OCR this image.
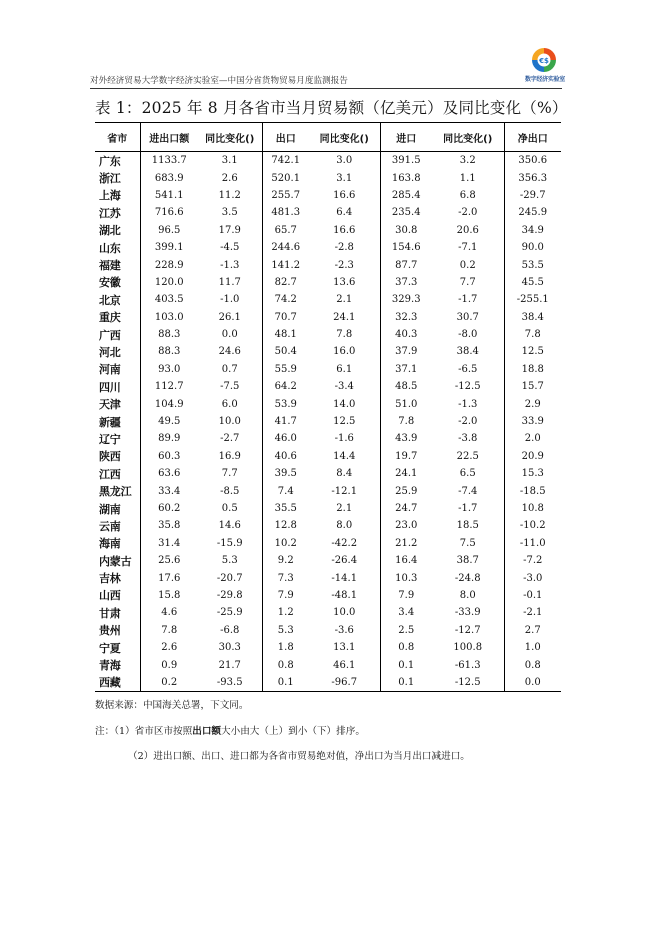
对外经济贸易大学数字经济实验室—中国分省货物贸易月度监测报告
€$
数字经济实验室
表 1：2025 年 8 月各省市当月贸易额（亿美元）及同比变化（%）
省市	进出口额	同比变化()	出口	同比变化()	进口	同比变化()	净出口
广东	1133.7	3.1	742.1	3.0	391.5	3.2	350.6
浙江	683.9	2.6	520.1	3.1	163.8	1.1	356.3
上海	541.1	11.2	255.7	16.6	285.4	6.8	-29.7
江苏	716.6	3.5	481.3	6.4	235.4	-2.0	245.9
湖北	96.5	17.9	65.7	16.6	30.8	20.6	34.9
山东	399.1	-4.5	244.6	-2.8	154.6	-7.1	90.0
福建	228.9	-1.3	141.2	-2.3	87.7	0.2	53.5
安徽	120.0	11.7	82.7	13.6	37.3	7.7	45.5
北京	403.5	-1.0	74.2	2.1	329.3	-1.7	-255.1
重庆	103.0	26.1	70.7	24.1	32.3	30.7	38.4
广西	88.3	0.0	48.1	7.8	40.3	-8.0	7.8
河北	88.3	24.6	50.4	16.0	37.9	38.4	12.5
河南	93.0	0.7	55.9	6.1	37.1	-6.5	18.8
四川	112.7	-7.5	64.2	-3.4	48.5	-12.5	15.7
天津	104.9	6.0	53.9	14.0	51.0	-1.3	2.9
新疆	49.5	10.0	41.7	12.5	7.8	-2.0	33.9
辽宁	89.9	-2.7	46.0	-1.6	43.9	-3.8	2.0
陕西	60.3	16.9	40.6	14.4	19.7	22.5	20.9
江西	63.6	7.7	39.5	8.4	24.1	6.5	15.3
黑龙江	33.4	-8.5	7.4	-12.1	25.9	-7.4	-18.5
湖南	60.2	0.5	35.5	2.1	24.7	-1.7	10.8
云南	35.8	14.6	12.8	8.0	23.0	18.5	-10.2
海南	31.4	-15.9	10.2	-42.2	21.2	7.5	-11.0
内蒙古	25.6	5.3	9.2	-26.4	16.4	38.7	-7.2
吉林	17.6	-20.7	7.3	-14.1	10.3	-24.8	-3.0
山西	15.8	-29.8	7.9	-48.1	7.9	8.0	-0.1
甘肃	4.6	-25.9	1.2	10.0	3.4	-33.9	-2.1
贵州	7.8	-6.8	5.3	-3.6	2.5	-12.7	2.7
宁夏	2.6	30.3	1.8	13.1	0.8	100.8	1.0
青海	0.9	21.7	0.8	46.1	0.1	-61.3	0.8
西藏	0.2	-93.5	0.1	-96.7	0.1	-12.5	0.0
数据来源：中国海关总署，下文同。
注：（1）省市区市按照出口额大小由大（上）到小（下）排序。
（2）进出口额、出口、进口都为各省市贸易绝对值，净出口为当月出口减进口。
